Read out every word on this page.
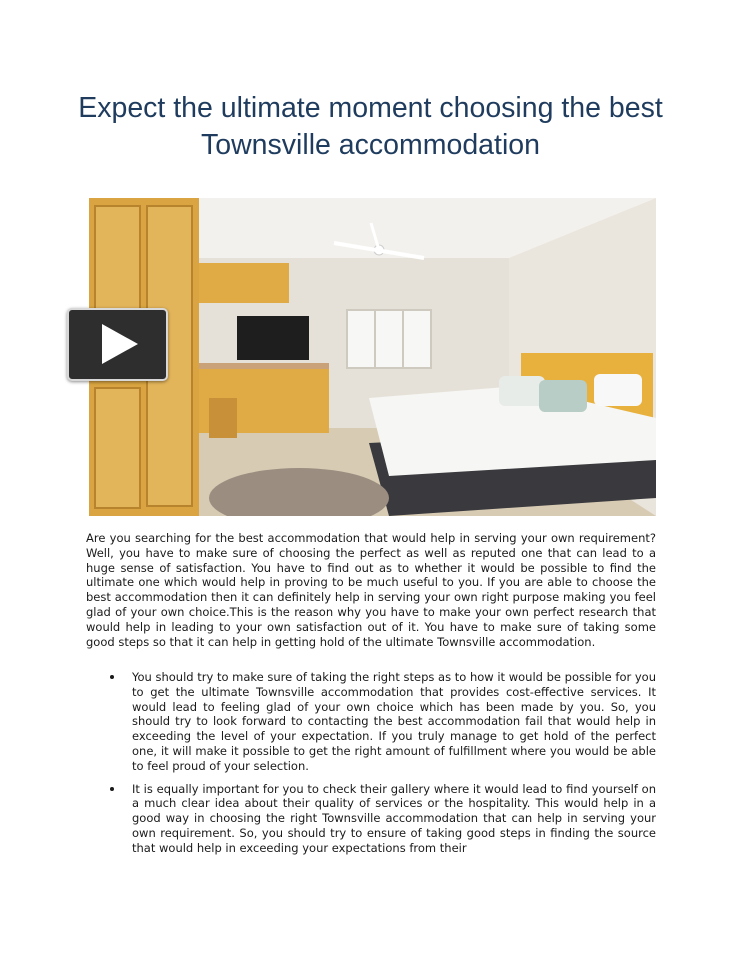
Expect the ultimate moment choosing the best Townsville accommodation

Are you searching for the best accommodation that would help in serving your own requirement? Well, you have to make sure of choosing the perfect as well as reputed one that can lead to a huge sense of satisfaction. You have to find out as to whether it would be possible to find the ultimate one which would help in proving to be much useful to you. If you are able to choose the best accommodation then it can definitely help in serving your own right purpose making you feel glad of your own choice.This is the reason why you have to make your own perfect research that would help in leading to your own satisfaction out of it. You have to make sure of taking some good steps so that it can help in getting hold of the ultimate Townsville accommodation.

You should try to make sure of taking the right steps as to how it would be possible for you to get the ultimate Townsville accommodation that provides cost-effective services. It would lead to feeling glad of your own choice which has been made by you. So, you should try to look forward to contacting the best accommodation fail that would help in exceeding the level of your expectation. If you truly manage to get hold of the perfect one, it will make it possible to get the right amount of fulfillment where you would be able to feel proud of your selection.
It is equally important for you to check their gallery where it would lead to find yourself on a much clear idea about their quality of services or the hospitality. This would help in a good way in choosing the right Townsville accommodation that can help in serving your own requirement. So, you should try to ensure of taking good steps in finding the source that would help in exceeding your expectations from their
